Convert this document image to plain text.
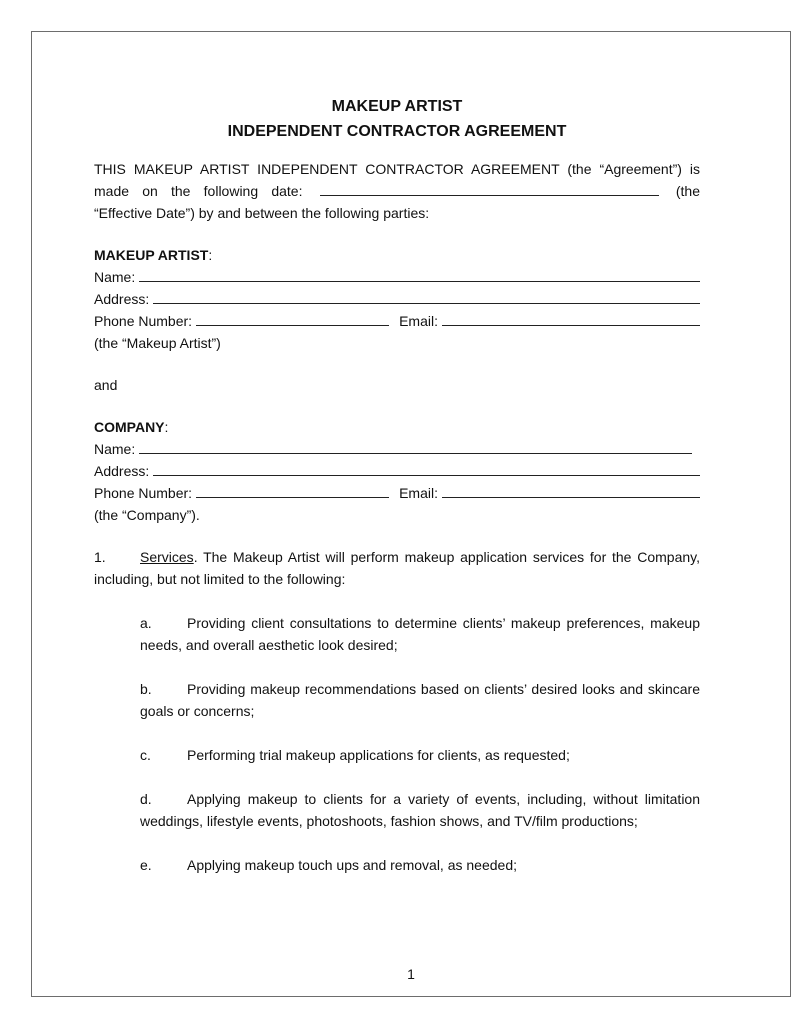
MAKEUP ARTIST
INDEPENDENT CONTRACTOR AGREEMENT

THIS MAKEUP ARTIST INDEPENDENT CONTRACTOR AGREEMENT (the “Agreement”) is made on the following date:	(the “Effective Date”) by and between the following parties:

MAKEUP ARTIST:

Name:
Address:
Phone Number:	Email:

(the “Makeup Artist”)

and

COMPANY:

Name:
Address:
Phone Number:	Email:

(the “Company”).

1. Services. The Makeup Artist will perform makeup application services for the Company, including, but not limited to the following:

a.	Providing client consultations to determine clients’ makeup preferences, makeup needs, and overall aesthetic look desired;

b.	Providing makeup recommendations based on clients’ desired looks and skincare goals or concerns;

c.	Performing trial makeup applications for clients, as requested;

d.	Applying makeup to clients for a variety of events, including, without limitation weddings, lifestyle events, photoshoots, fashion shows, and TV/film productions;

e.	Applying makeup touch ups and removal, as needed;

1
